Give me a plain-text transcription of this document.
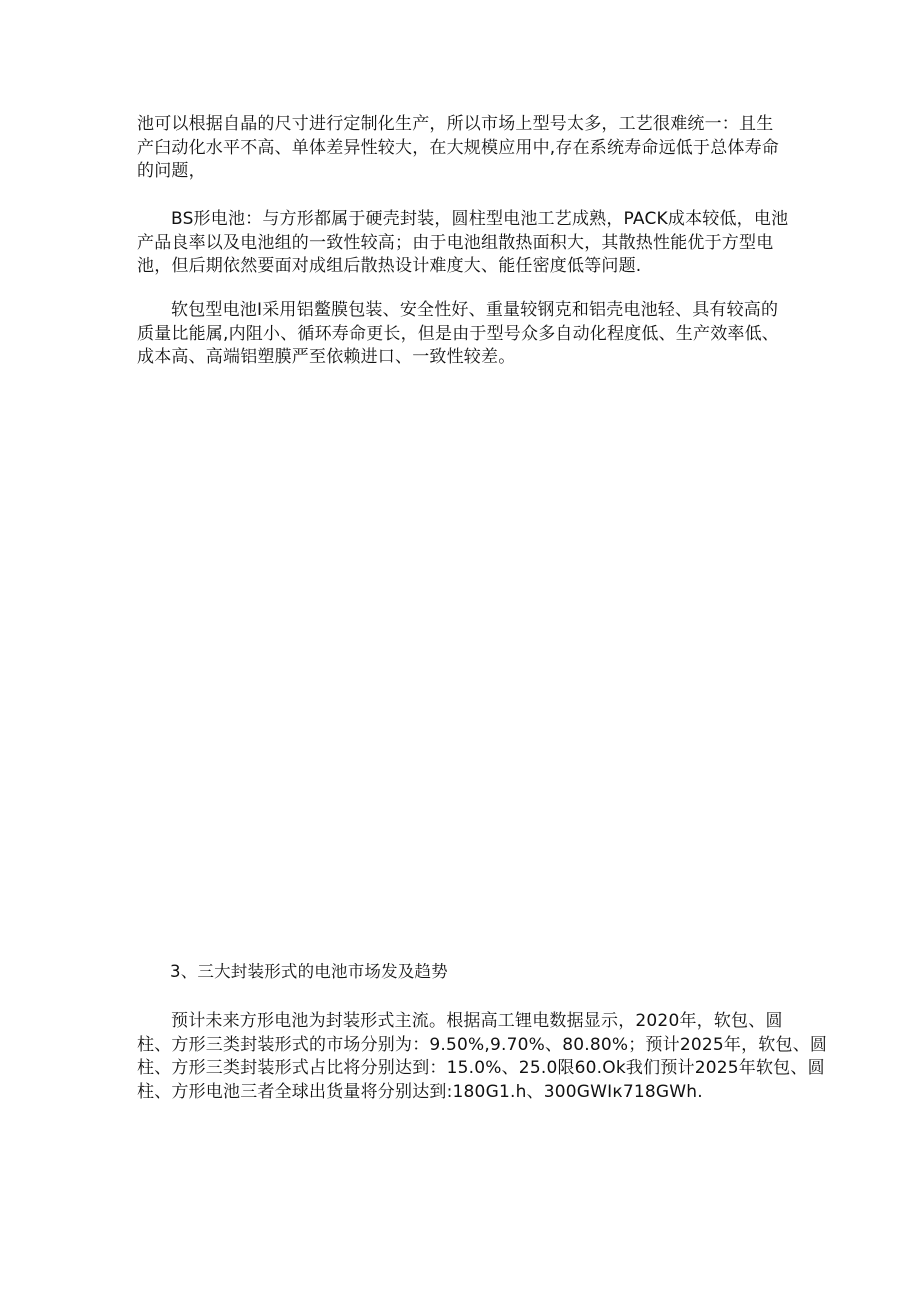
池可以根据自晶的尺寸进行定制化生产，所以市场上型号太多，工艺很难统一：且生
产臼动化水平不高、单体差异性较大，在大规模应用中,存在系统寿命远低于总体寿命
的问题，
BS形电池：与方形都属于硬壳封装，圆柱型电池工艺成熟，PACK成本较低，电池
产品良率以及电池组的一致性较高；由于电池组散热面积大，其散热性能优于方型电
池，但后期依然要面对成组后散热设计难度大、能任密度低等问题.
软包型电池I采用铝鳖膜包装、安全性好、重量较钢克和铝壳电池轻、具有较高的
质量比能属,内阻小、循环寿命更长，但是由于型号众多自动化程度低、生产效率低、
成本高、高端铝塑膜严至依赖进口、一致性较差。
3、三大封装形式的电池市场发及趋势
预计未来方形电池为封装形式主流。根据高工锂电数据显示，2020年，软包、圆
柱、方形三类封装形式的市场分别为：9.50%,9.70%、80.80%；预计2025年，软包、圆
柱、方形三类封装形式占比将分别达到：15.0%、25.0限60.Ok我们预计2025年软包、圆
柱、方形电池三者全球出货量将分别达到:180G1.h、300GWIк718GWh.
